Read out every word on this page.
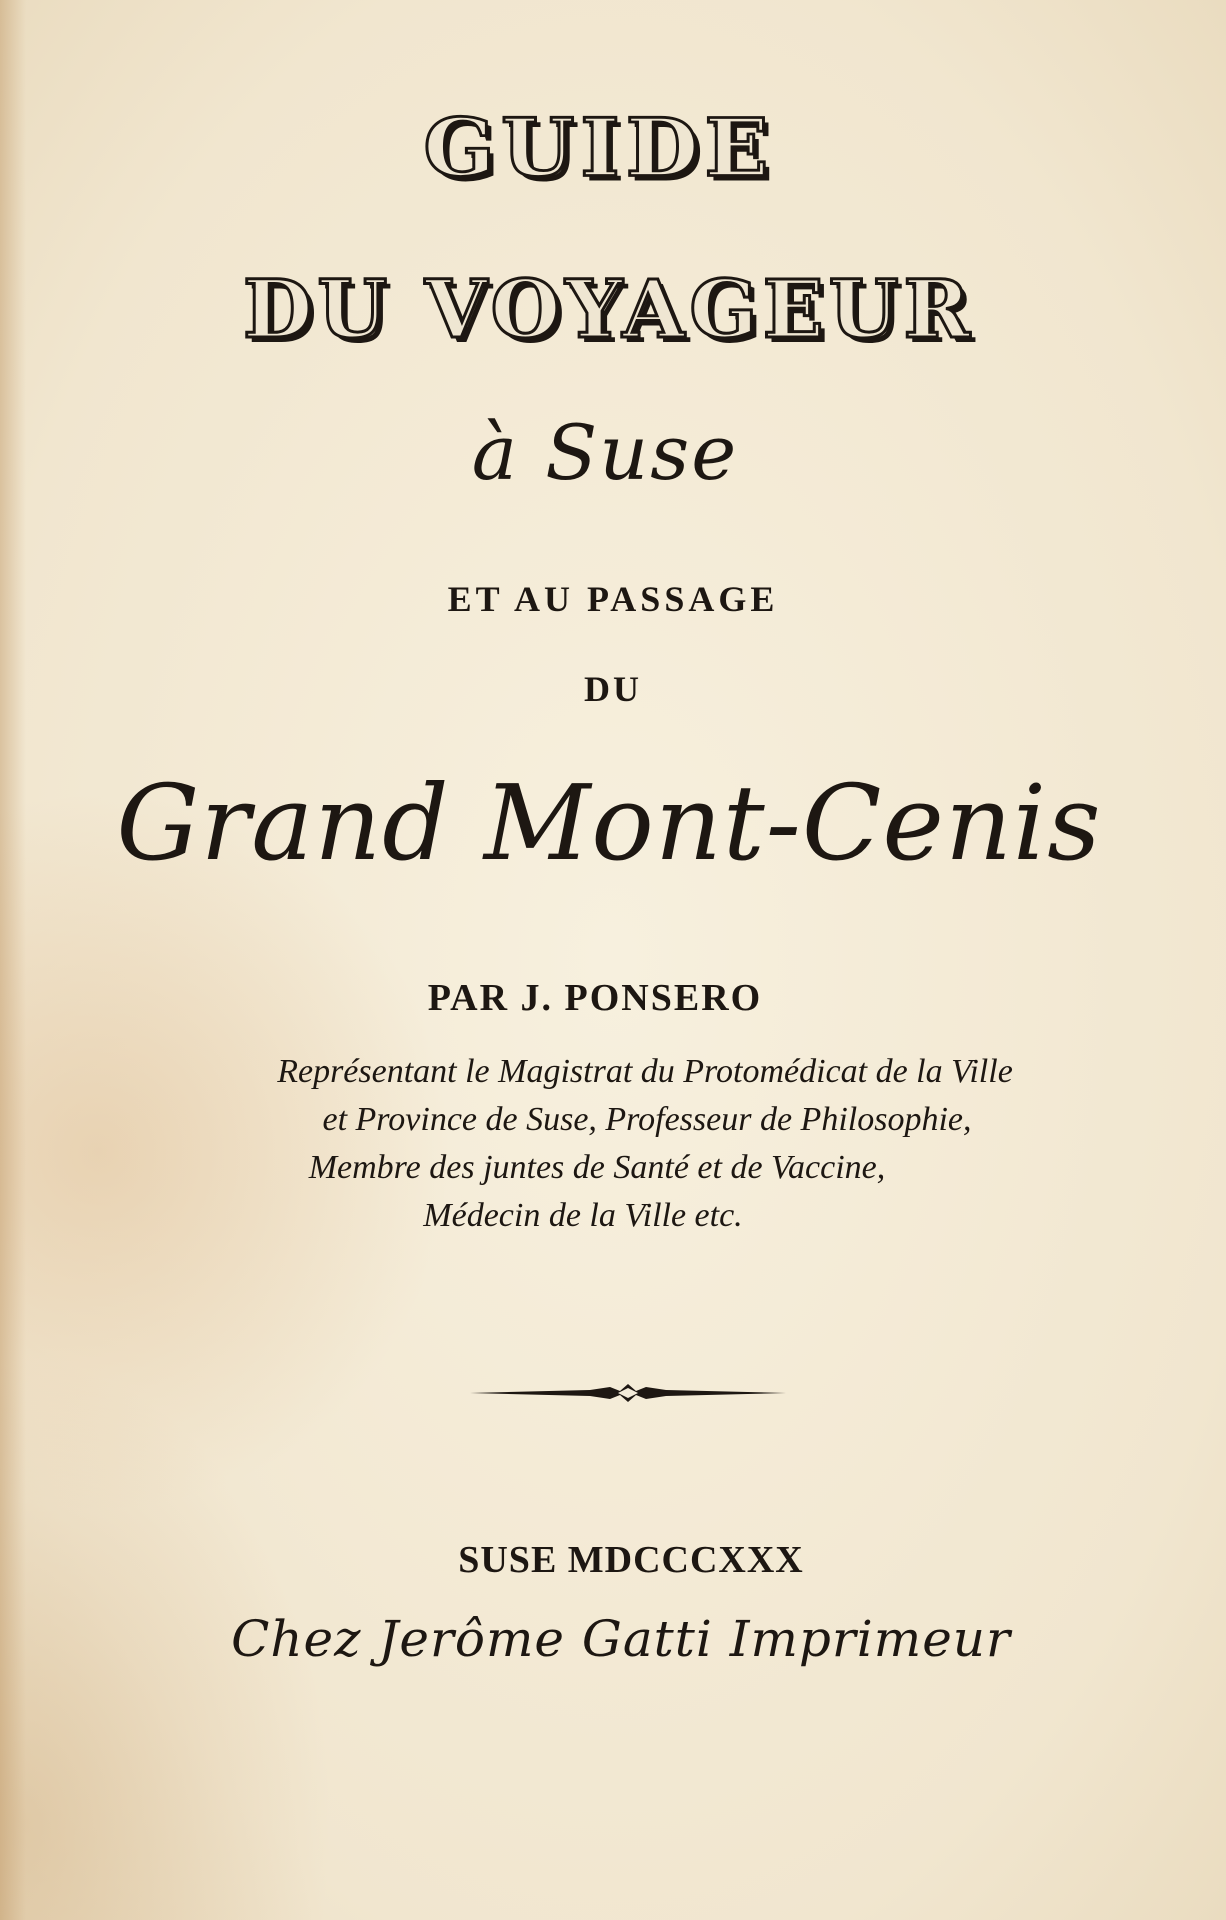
GUIDE
DU VOYAGEUR
à Suse
ET AU PASSAGE
DU
Grand Mont-Cenis
PAR J. PONSERO
Représentant le Magistrat du Protomédicat de la Ville
et Province de Suse, Professeur de Philosophie,
Membre des juntes de Santé et de Vaccine,
Médecin de la Ville etc.
SUSE MDCCCXXX
Chez Jerôme Gatti Imprimeur
